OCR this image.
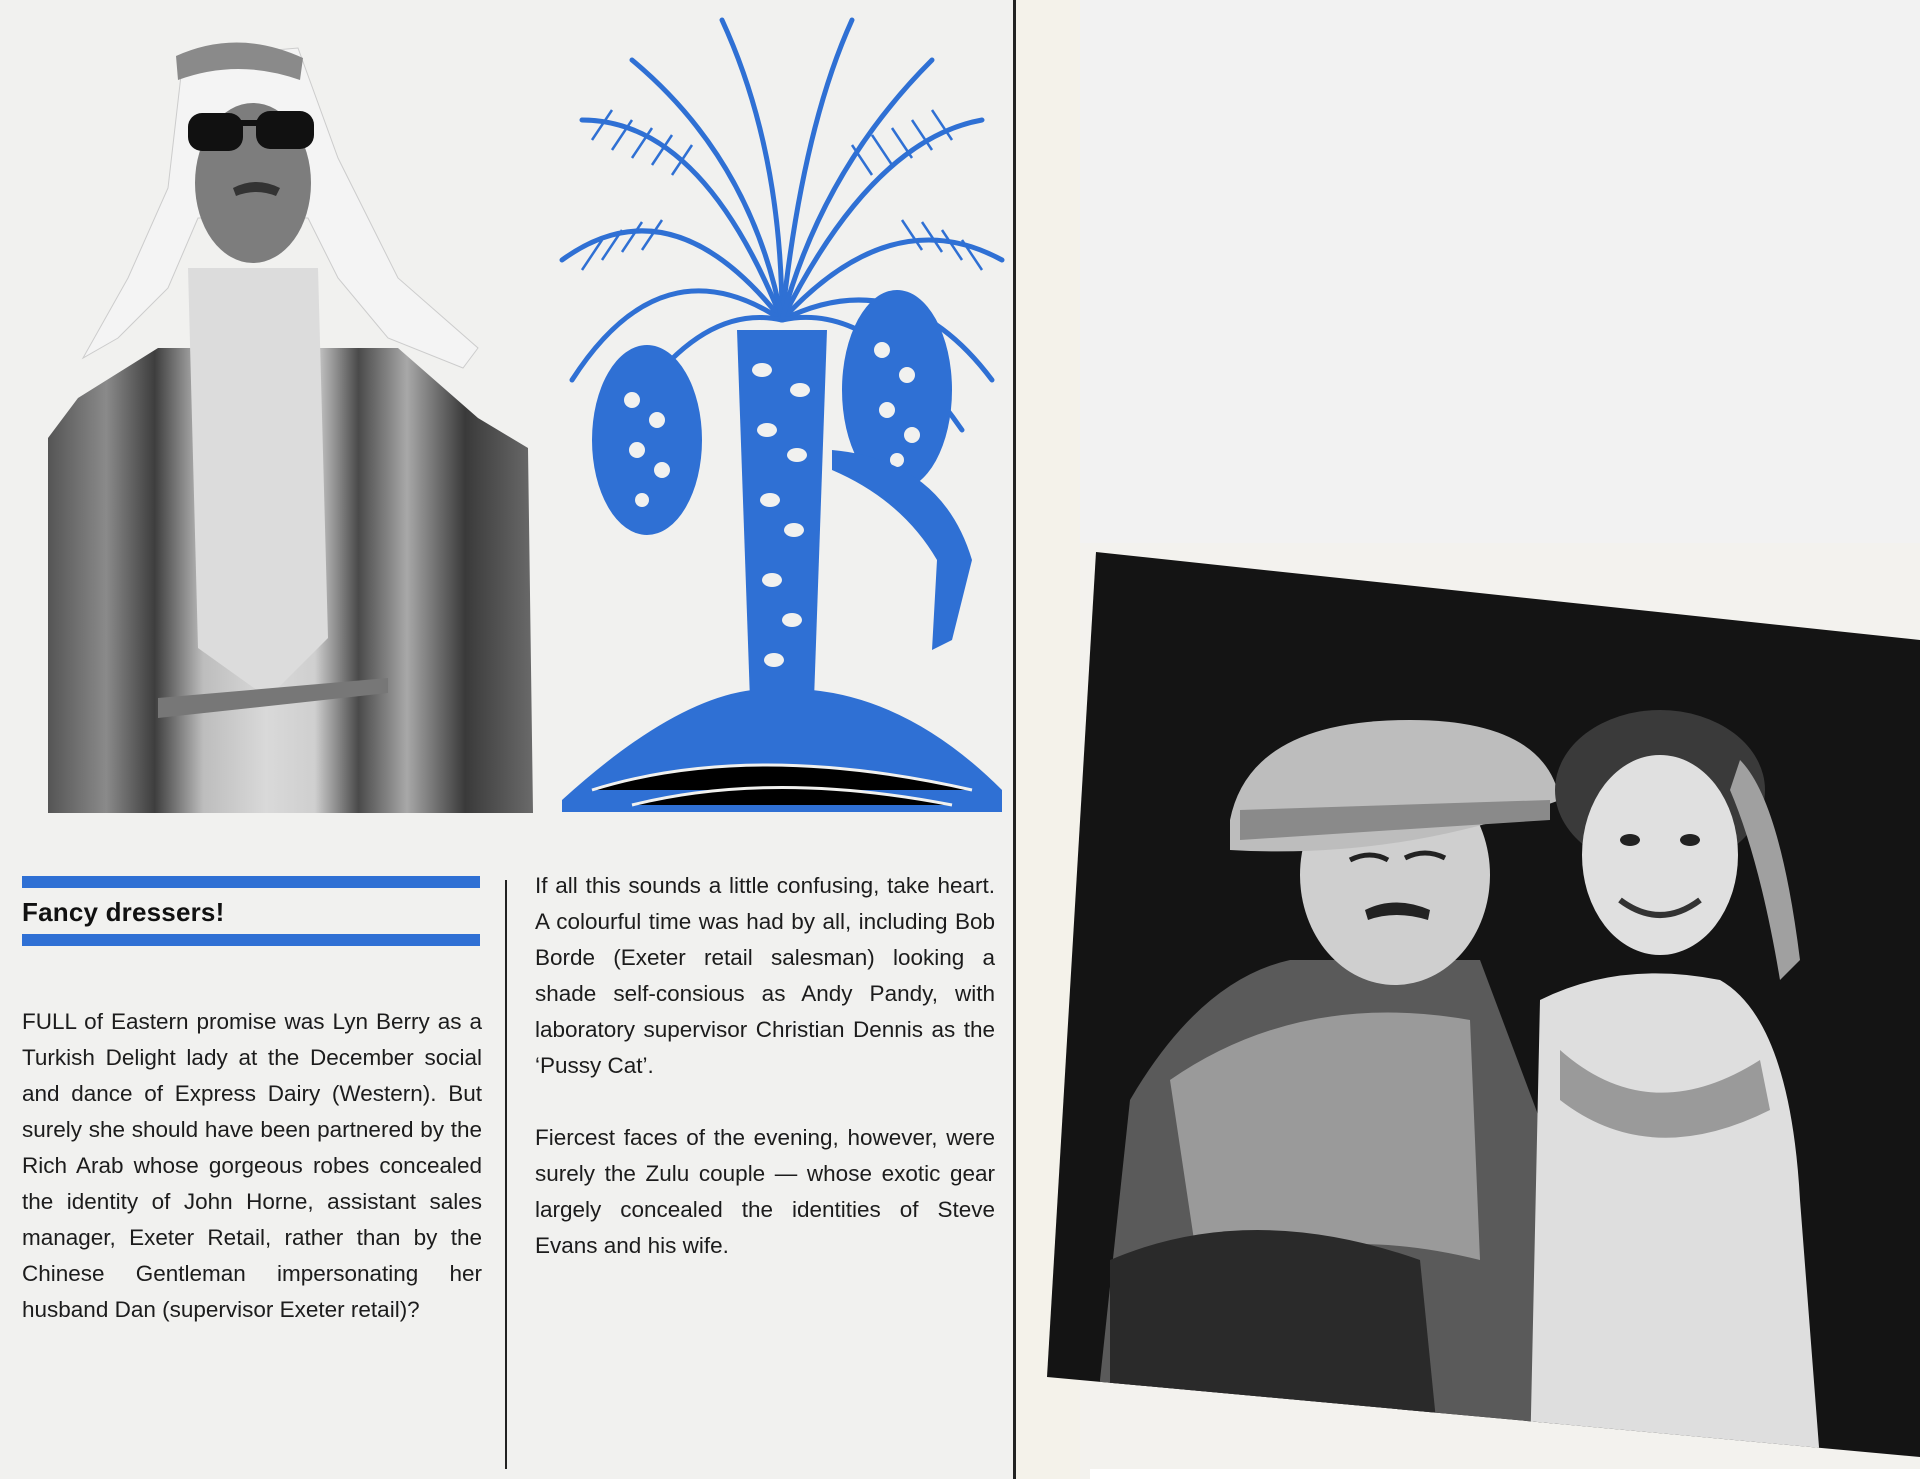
Fancy dressers!

FULL of Eastern promise was Lyn Berry as a Turkish Delight lady at the December social and dance of Express Dairy (Western). But surely she should have been partnered by the Rich Arab whose gorgeous robes concealed the identity of John Horne, assistant sales manager, Exeter Retail, rather than by the Chinese Gentleman impersonating her husband Dan (supervisor Exeter retail)?

If all this sounds a little confusing, take heart. A colourful time was had by all, including Bob Borde (Exeter retail salesman) looking a shade self-consious as Andy Pandy, with laboratory supervisor Christian Dennis as the ‘Pussy Cat’.

Fiercest faces of the evening, however, were surely the Zulu couple — whose exotic gear largely concealed the identities of Steve Evans and his wife.
